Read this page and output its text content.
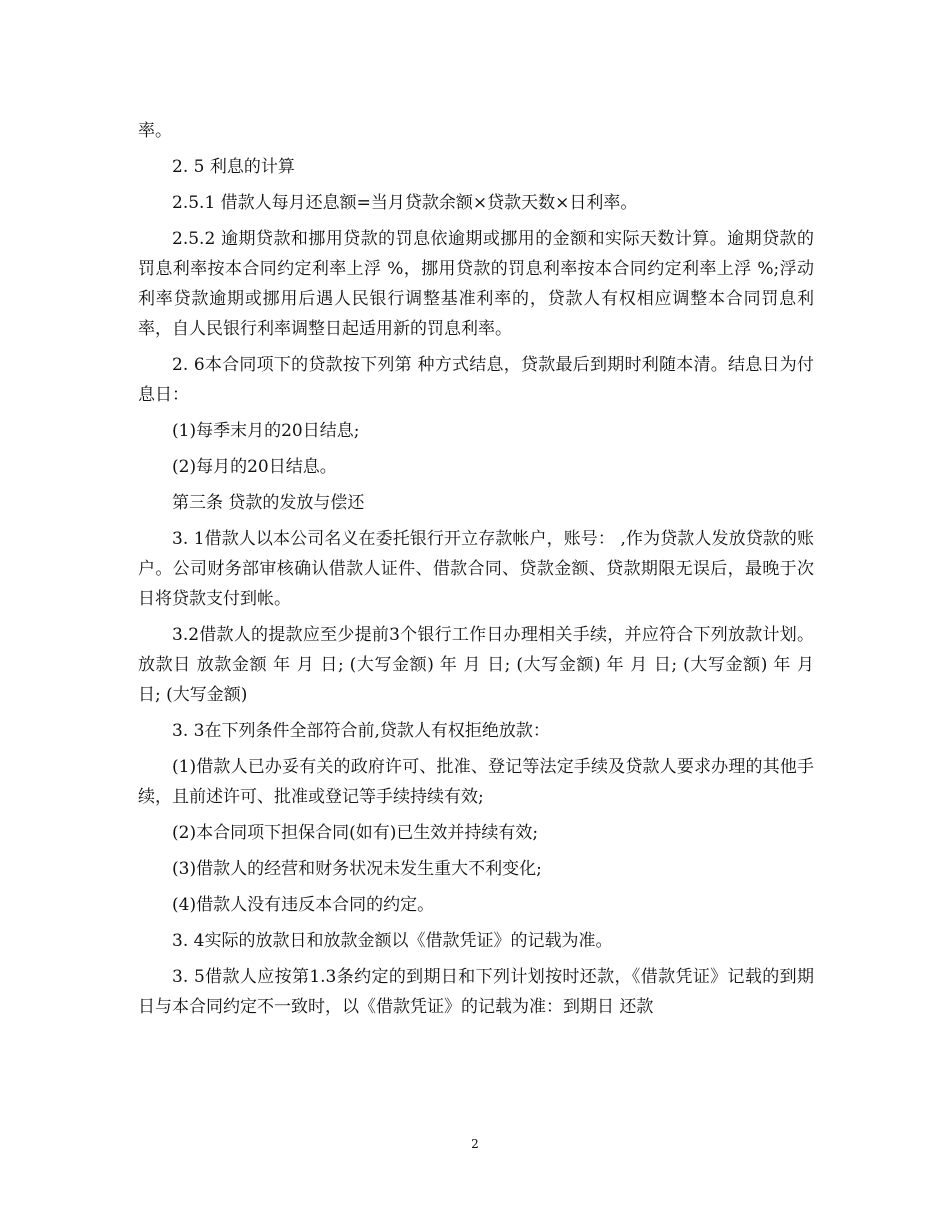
率。

2. 5 利息的计算

2.5.1 借款人每月还息额=当月贷款余额×贷款天数×日利率。

2.5.2 逾期贷款和挪用贷款的罚息依逾期或挪用的金额和实际天数计算。逾期贷款的罚息利率按本合同约定利率上浮 %，挪用贷款的罚息利率按本合同约定利率上浮 %;浮动利率贷款逾期或挪用后遇人民银行调整基准利率的，贷款人有权相应调整本合同罚息利率，自人民银行利率调整日起适用新的罚息利率。

2. 6本合同项下的贷款按下列第 种方式结息，贷款最后到期时利随本清。结息日为付息日：

(1)每季末月的20日结息;

(2)每月的20日结息。

第三条 贷款的发放与偿还

3. 1借款人以本公司名义在委托银行开立存款帐户，账号： ,作为贷款人发放贷款的账户。公司财务部审核确认借款人证件、借款合同、贷款金额、贷款期限无误后，最晚于次日将贷款支付到帐。

3.2借款人的提款应至少提前3个银行工作日办理相关手续，并应符合下列放款计划。放款日 放款金额 年 月 日; (大写金额) 年 月 日; (大写金额) 年 月 日; (大写金额) 年 月 日; (大写金额)

3. 3在下列条件全部符合前,贷款人有权拒绝放款：

(1)借款人已办妥有关的政府许可、批准、登记等法定手续及贷款人要求办理的其他手续，且前述许可、批准或登记等手续持续有效;

(2)本合同项下担保合同(如有)已生效并持续有效;

(3)借款人的经营和财务状况未发生重大不利变化;

(4)借款人没有违反本合同的约定。

3. 4实际的放款日和放款金额以《借款凭证》的记载为准。

3. 5借款人应按第1.3条约定的到期日和下列计划按时还款，《借款凭证》记载的到期日与本合同约定不一致时，以《借款凭证》的记载为准：到期日 还款

2
